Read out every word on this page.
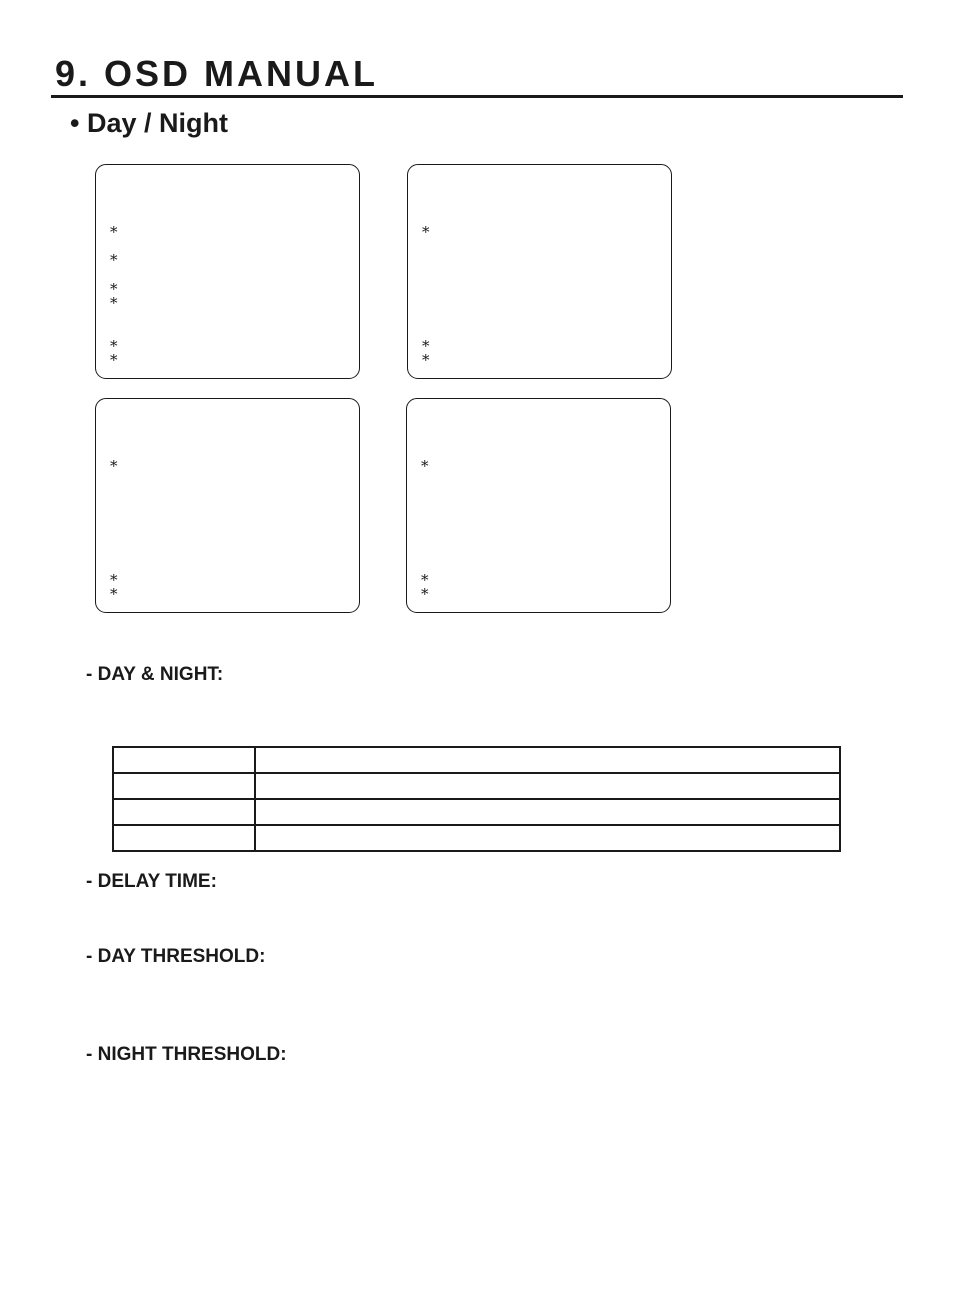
9. OSD MANUAL
• Day / Night
*
*
*
*
*
*
*
*
*
*
*
*
*
*
*

- DAY & NIGHT:

- DELAY TIME:

- DAY THRESHOLD:

- NIGHT THRESHOLD:
